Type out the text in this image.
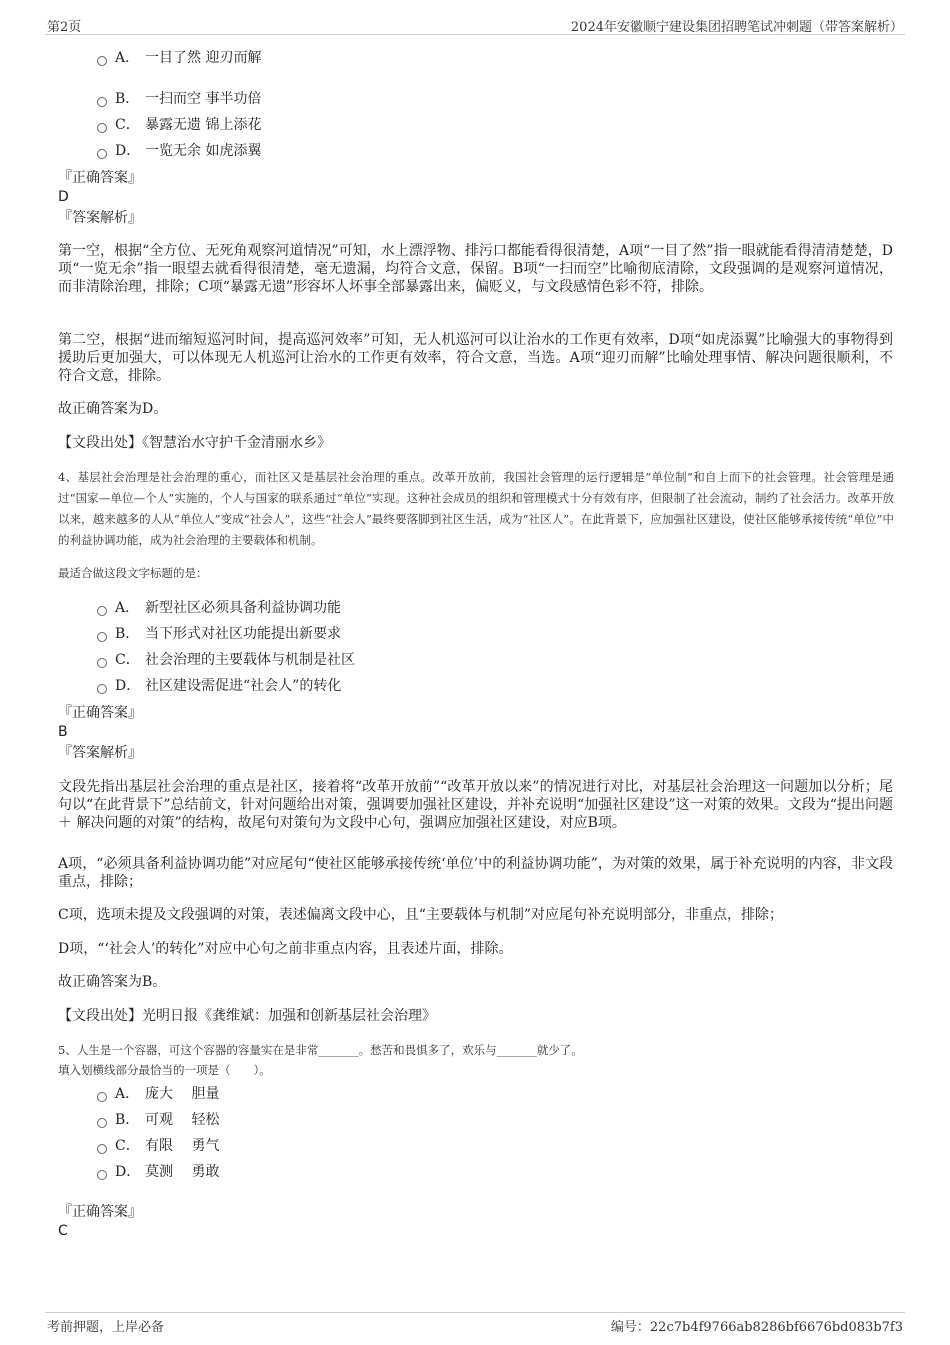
第2页	2024年安徽顺宁建设集团招聘笔试冲刺题（带答案解析）
A． 一目了然 迎刃而解
B． 一扫而空 事半功倍
C． 暴露无遗 锦上添花
D． 一览无余 如虎添翼
『正确答案』
D
『答案解析』
第一空，根据“全方位、无死角观察河道情况”可知，水上漂浮物、排污口都能看得很清楚，A项“一目了然”指一眼就能看得清清楚楚，D项“一览无余”指一眼望去就看得很清楚，毫无遗漏，均符合文意，保留。B项“一扫而空”比喻彻底清除，文段强调的是观察河道情况，而非清除治理，排除；C项“暴露无遗”形容坏人坏事全部暴露出来，偏贬义，与文段感情色彩不符，排除。
第二空，根据“进而缩短巡河时间，提高巡河效率”可知，无人机巡河可以让治水的工作更有效率，D项“如虎添翼”比喻强大的事物得到援助后更加强大，可以体现无人机巡河让治水的工作更有效率，符合文意，当选。A项“迎刃而解”比喻处理事情、解决问题很顺利，不符合文意，排除。
故正确答案为D。
【文段出处】《智慧治水守护千金清丽水乡》
4、基层社会治理是社会治理的重心，而社区又是基层社会治理的重点。改革开放前，我国社会管理的运行逻辑是“单位制”和自上而下的社会管理。社会管理是通过“国家—单位—个人”实施的，个人与国家的联系通过“单位”实现。这种社会成员的组织和管理模式十分有效有序，但限制了社会流动，制约了社会活力。改革开放以来，越来越多的人从“单位人”变成“社会人”，这些“社会人”最终要落脚到社区生活，成为“社区人”。在此背景下，应加强社区建设，使社区能够承接传统“单位”中的利益协调功能，成为社会治理的主要载体和机制。
最适合做这段文字标题的是：
A． 新型社区必须具备利益协调功能
B． 当下形式对社区功能提出新要求
C． 社会治理的主要载体与机制是社区
D． 社区建设需促进“社会人”的转化
『正确答案』
B
『答案解析』
文段先指出基层社会治理的重点是社区，接着将“改革开放前”“改革开放以来”的情况进行对比，对基层社会治理这一问题加以分析；尾句以“在此背景下”总结前文，针对问题给出对策，强调要加强社区建设，并补充说明“加强社区建设”这一对策的效果。文段为“提出问题 ＋ 解决问题的对策”的结构，故尾句对策句为文段中心句，强调应加强社区建设，对应B项。
A项，“必须具备利益协调功能”对应尾句“使社区能够承接传统‘单位’中的利益协调功能”，为对策的效果，属于补充说明的内容，非文段重点，排除；
C项，选项未提及文段强调的对策，表述偏离文段中心，且“主要载体与机制”对应尾句补充说明部分，非重点，排除；
D项，“‘社会人’的转化”对应中心句之前非重点内容，且表述片面，排除。
故正确答案为B。
【文段出处】光明日报《龚维斌：加强和创新基层社会治理》
5、人生是一个容器，可这个容器的容量实在是非常_______。愁苦和畏惧多了，欢乐与_______就少了。
填入划横线部分最恰当的一项是（　　）。
A． 庞大　 胆量
B． 可观　 轻松
C． 有限　 勇气
D． 莫测　 勇敢
『正确答案』
C
考前押题，上岸必备	编号：22c7b4f9766ab8286bf6676bd083b7f3
